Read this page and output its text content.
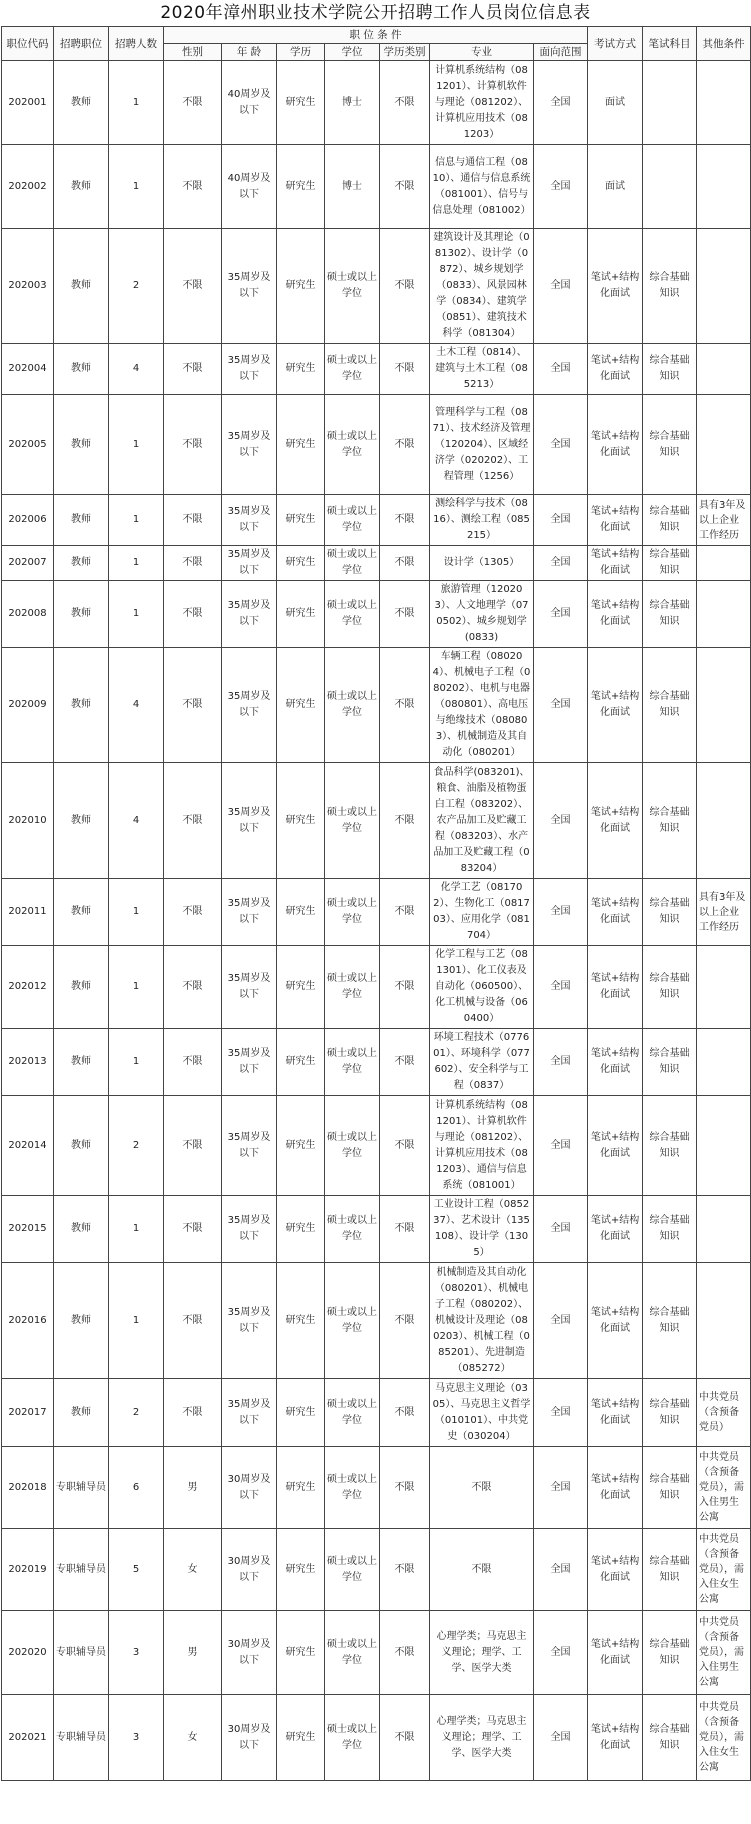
2020年漳州职业技术学院公开招聘工作人员岗位信息表
职位代码	招聘职位	招聘人数	职 位 条 件							考试方式	笔试科目	其他条件
			性别	年 龄	学历	学位	学历类别	专业	面向范围			
202001	教师	1	不限	40周岁及以下	研究生	博士	不限	计算机系统结构（081201）、计算机软件与理论（081202）、计算机应用技术（081203）	全国	面试		
202002	教师	1	不限	40周岁及以下	研究生	博士	不限	信息与通信工程（0810）、通信与信息系统（081001）、信号与信息处理（081002）	全国	面试		
202003	教师	2	不限	35周岁及以下	研究生	硕士或以上学位	不限	建筑设计及其理论（081302）、设计学（0872）、城乡规划学（0833）、风景园林学（0834）、建筑学（0851）、建筑技术科学（081304）	全国	笔试+结构化面试	综合基础知识	
202004	教师	4	不限	35周岁及以下	研究生	硕士或以上学位	不限	土木工程（0814）、建筑与土木工程（085213）	全国	笔试+结构化面试	综合基础知识	
202005	教师	1	不限	35周岁及以下	研究生	硕士或以上学位	不限	管理科学与工程（0871）、技术经济及管理（120204）、区域经济学（020202）、工程管理（1256）	全国	笔试+结构化面试	综合基础知识	
202006	教师	1	不限	35周岁及以下	研究生	硕士或以上学位	不限	测绘科学与技术（0816）、测绘工程（085215）	全国	笔试+结构化面试	综合基础知识	具有3年及以上企业工作经历
202007	教师	1	不限	35周岁及以下	研究生	硕士或以上学位	不限	设计学（1305）	全国	笔试+结构化面试	综合基础知识	
202008	教师	1	不限	35周岁及以下	研究生	硕士或以上学位	不限	旅游管理（120203）、人文地理学（070502）、城乡规划学(0833)	全国	笔试+结构化面试	综合基础知识	
202009	教师	4	不限	35周岁及以下	研究生	硕士或以上学位	不限	车辆工程（080204）、机械电子工程（080202）、电机与电器（080801）、高电压与绝缘技术（080803）、机械制造及其自动化（080201）	全国	笔试+结构化面试	综合基础知识	
202010	教师	4	不限	35周岁及以下	研究生	硕士或以上学位	不限	食品科学(083201)、粮食、油脂及植物蛋白工程（083202）、农产品加工及贮藏工程（083203）、水产品加工及贮藏工程（083204）	全国	笔试+结构化面试	综合基础知识	
202011	教师	1	不限	35周岁及以下	研究生	硕士或以上学位	不限	化学工艺（081702）、生物化工（081703）、应用化学（081704）	全国	笔试+结构化面试	综合基础知识	具有3年及以上企业工作经历
202012	教师	1	不限	35周岁及以下	研究生	硕士或以上学位	不限	化学工程与工艺（081301）、化工仪表及自动化（060500）、化工机械与设备（060400）	全国	笔试+结构化面试	综合基础知识	
202013	教师	1	不限	35周岁及以下	研究生	硕士或以上学位	不限	环境工程技术（077601）、环境科学（077602）、安全科学与工程（0837）	全国	笔试+结构化面试	综合基础知识	
202014	教师	2	不限	35周岁及以下	研究生	硕士或以上学位	不限	计算机系统结构（081201）、计算机软件与理论（081202）、计算机应用技术（081203）、通信与信息系统（081001）	全国	笔试+结构化面试	综合基础知识	
202015	教师	1	不限	35周岁及以下	研究生	硕士或以上学位	不限	工业设计工程（085237）、艺术设计（135108）、设计学（1305）	全国	笔试+结构化面试	综合基础知识	
202016	教师	1	不限	35周岁及以下	研究生	硕士或以上学位	不限	机械制造及其自动化（080201）、机械电子工程（080202）、机械设计及理论（080203）、机械工程（085201）、先进制造（085272）	全国	笔试+结构化面试	综合基础知识	
202017	教师	2	不限	35周岁及以下	研究生	硕士或以上学位	不限	马克思主义理论（0305）、马克思主义哲学（010101）、中共党史（030204）	全国	笔试+结构化面试	综合基础知识	中共党员（含预备党员）
202018	专职辅导员	6	男	30周岁及以下	研究生	硕士或以上学位	不限	不限	全国	笔试+结构化面试	综合基础知识	中共党员（含预备党员），需入住男生公寓
202019	专职辅导员	5	女	30周岁及以下	研究生	硕士或以上学位	不限	不限	全国	笔试+结构化面试	综合基础知识	中共党员（含预备党员），需入住女生公寓
202020	专职辅导员	3	男	30周岁及以下	研究生	硕士或以上学位	不限	心理学类；马克思主义理论；理学、工学、医学大类	全国	笔试+结构化面试	综合基础知识	中共党员（含预备党员），需入住男生公寓
202021	专职辅导员	3	女	30周岁及以下	研究生	硕士或以上学位	不限	心理学类；马克思主义理论；理学、工学、医学大类	全国	笔试+结构化面试	综合基础知识	中共党员（含预备党员），需入住女生公寓
